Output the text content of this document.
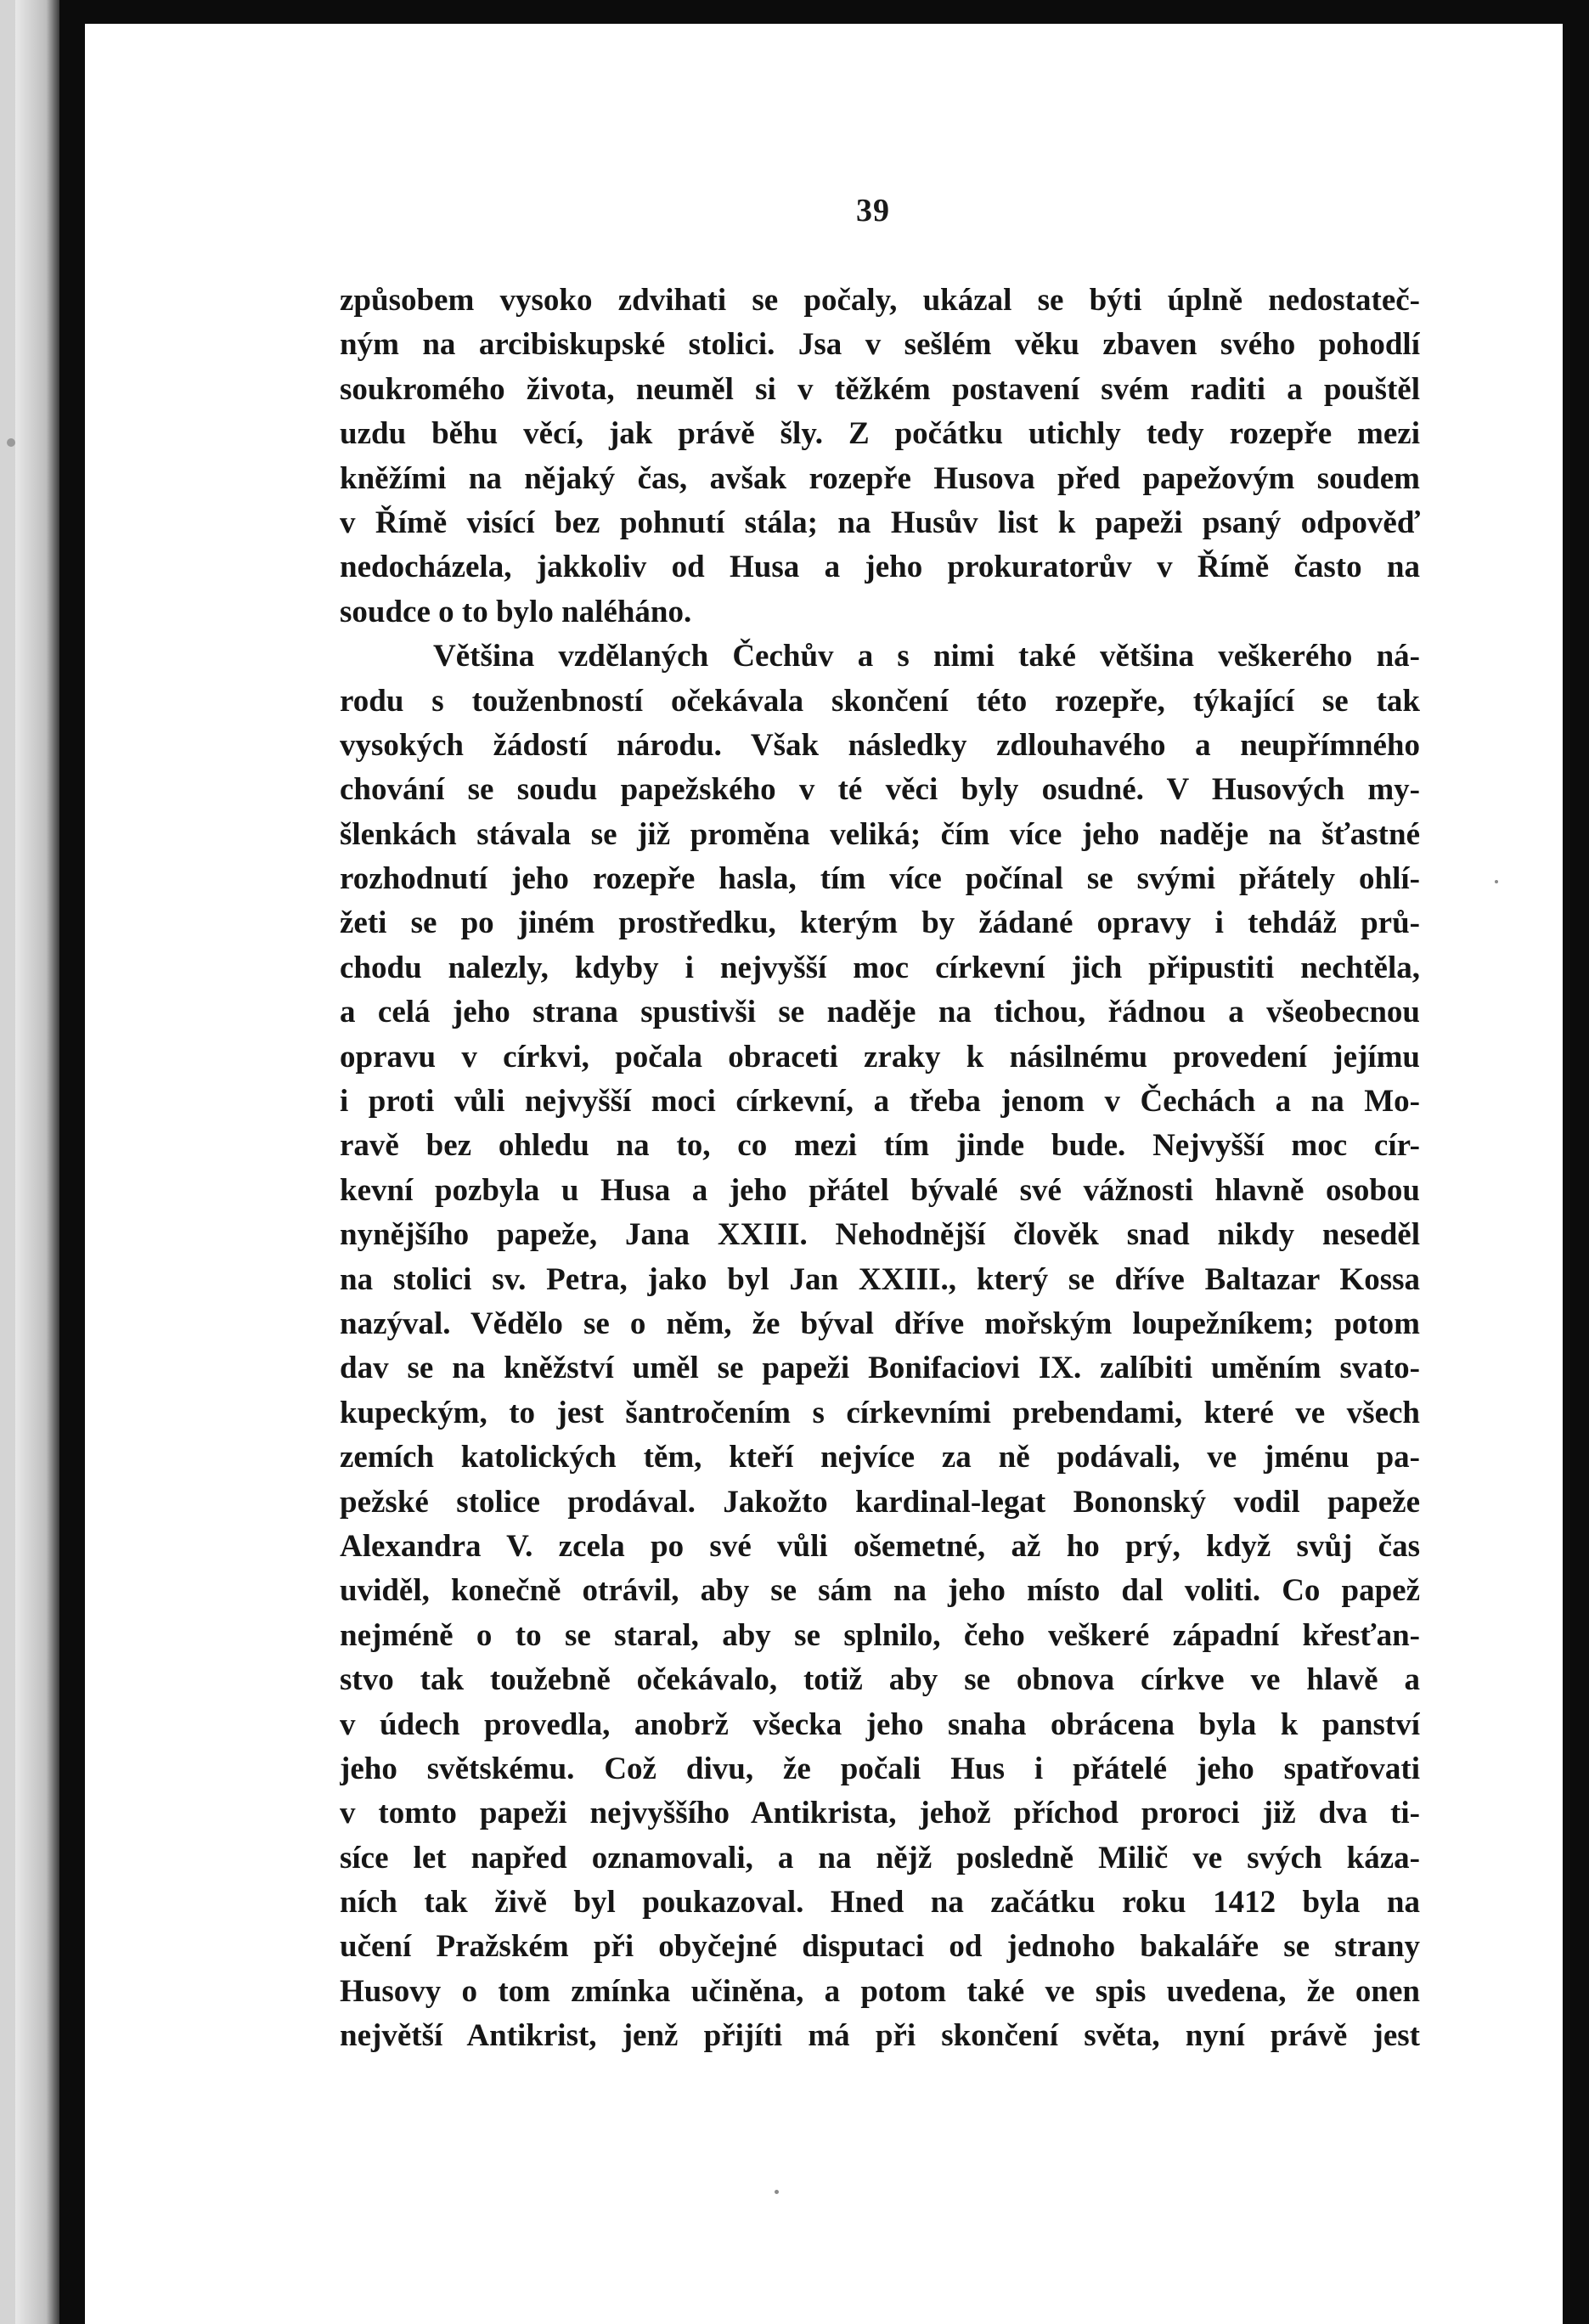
39
způsobem vysoko zdvihati se počaly, ukázal se býti úplně nedostateč-
ným na arcibiskupské stolici. Jsa v sešlém věku zbaven svého pohodlí
soukromého života, neuměl si v těžkém postavení svém raditi a pouštěl
uzdu běhu věcí, jak právě šly. Z počátku utichly tedy rozepře mezi
kněžími na nějaký čas, avšak rozepře Husova před papežovým soudem
v Římě visící bez pohnutí stála; na Husův list k papeži psaný odpověď
nedocházela, jakkoliv od Husa a jeho prokuratorův v Římě často na
soudce o to bylo naléháno.
Většina vzdělaných Čechův a s nimi také většina veškerého ná-
rodu s touženbností očekávala skončení této rozepře, týkající se tak
vysokých žádostí národu. Však následky zdlouhavého a neupřímného
chování se soudu papežského v té věci byly osudné. V Husových my-
šlenkách stávala se již proměna veliká; čím více jeho naděje na šťastné
rozhodnutí jeho rozepře hasla, tím více počínal se svými přátely ohlí-
žeti se po jiném prostředku, kterým by žádané opravy i tehdáž prů-
chodu nalezly, kdyby i nejvyšší moc církevní jich připustiti nechtěla,
a celá jeho strana spustivši se naděje na tichou, řádnou a všeobecnou
opravu v církvi, počala obraceti zraky k násilnému provedení jejímu
i proti vůli nejvyšší moci církevní, a třeba jenom v Čechách a na Mo-
ravě bez ohledu na to, co mezi tím jinde bude. Nejvyšší moc cír-
kevní pozbyla u Husa a jeho přátel bývalé své vážnosti hlavně osobou
nynějšího papeže, Jana XXIII. Nehodnější člověk snad nikdy neseděl
na stolici sv. Petra, jako byl Jan XXIII., který se dříve Baltazar Kossa
nazýval. Vědělo se o něm, že býval dříve mořským loupežníkem; potom
dav se na kněžství uměl se papeži Bonifaciovi IX. zalíbiti uměním svato-
kupeckým, to jest šantročením s církevními prebendami, které ve všech
zemích katolických těm, kteří nejvíce za ně podávali, ve jménu pa-
pežské stolice prodával. Jakožto kardinal-legat Bononský vodil papeže
Alexandra V. zcela po své vůli ošemetné, až ho prý, když svůj čas
uviděl, konečně otrávil, aby se sám na jeho místo dal voliti. Co papež
nejméně o to se staral, aby se splnilo, čeho veškeré západní křesťan-
stvo tak toužebně očekávalo, totiž aby se obnova církve ve hlavě a
v údech provedla, anobrž všecka jeho snaha obrácena byla k panství
jeho světskému. Což divu, že počali Hus i přátelé jeho spatřovati
v tomto papeži nejvyššího Antikrista, jehož příchod proroci již dva ti-
síce let napřed oznamovali, a na nějž posledně Milič ve svých káza-
ních tak živě byl poukazoval. Hned na začátku roku 1412 byla na
učení Pražském při obyčejné disputaci od jednoho bakaláře se strany
Husovy o tom zmínka učiněna, a potom také ve spis uvedena, že onen
největší Antikrist, jenž přijíti má při skončení světa, nyní právě jest
